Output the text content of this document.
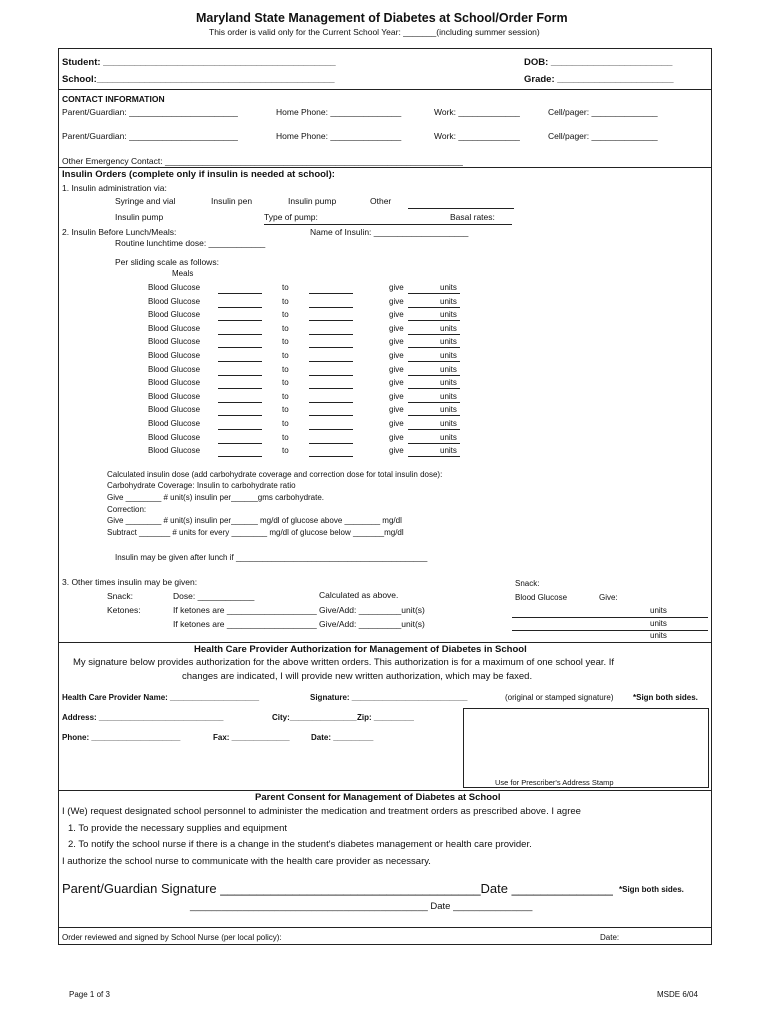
Maryland State Management of Diabetes at School/Order Form
This order is valid only for the Current School Year: _______(including summer session)
Student: ____________________________________________	DOB: _______________________
School:_____________________________________________	Grade: ______________________
CONTACT INFORMATION
Parent/Guardian: _______________________	Home Phone: _______________	Work: _____________	Cell/pager: ______________
Parent/Guardian: _______________________	Home Phone: _______________	Work: _____________	Cell/pager: ______________
Other Emergency Contact: _______________________________________________________________
Insulin Orders (complete only if insulin is needed at school):
1. Insulin administration via:
Syringe and vial	Insulin pen	Insulin pump	Other
Insulin pump	Type of pump:	Basal rates:
2. Insulin Before Lunch/Meals:	Name of Insulin: ____________________
Routine lunchtime dose: ____________
Per sliding scale as follows:
Meals
Blood Glucose	to	give	units
Blood Glucose	to	give	units
Blood Glucose	to	give	units
Blood Glucose	to	give	units
Blood Glucose	to	give	units
Blood Glucose	to	give	units
Blood Glucose	to	give	units
Blood Glucose	to	give	units
Blood Glucose	to	give	units
Blood Glucose	to	give	units
Blood Glucose	to	give	units
Blood Glucose	to	give	units
Blood Glucose	to	give	units
Calculated insulin dose (add carbohydrate coverage and correction dose for total insulin dose):
Carbohydrate Coverage: Insulin to carbohydrate ratio
Give ________ # unit(s) insulin per______gms carbohydrate.
Correction:
Give ________ # unit(s) insulin per______ mg/dl of glucose above ________ mg/dl
Subtract _______ # units for every ________ mg/dl of glucose below _______mg/dl
Insulin may be given after lunch if ___________________________________________
3. Other times insulin may be given:
Snack:	Dose: ____________	Calculated as above.
Ketones:	If ketones are ___________________ Give/Add: _________unit(s)
If ketones are ___________________ Give/Add: _________unit(s)
Snack:
Blood Glucose	Give:
units
units
units
Health Care Provider Authorization for Management of Diabetes in School
My signature below provides authorization for the above written orders. This authorization is for a maximum of one school year. If
changes are indicated, I will provide new written authorization, which may be faxed.
Health Care Provider Name: ____________________	Signature: __________________________	(original or stamped signature) *Sign both sides.
Address: ____________________________	City:_______________ Zip: _________
Phone: ____________________	Fax: _____________	Date: _________
Use for Prescriber's Address Stamp
Parent Consent for Management of Diabetes at School
I (We) request designated school personnel to administer the medication and treatment orders as prescribed above. I agree
1. To provide the necessary supplies and equipment
2. To notify the school nurse if there is a change in the student's diabetes management or health care provider.
I authorize the school nurse to communicate with the health care provider as necessary.
Parent/Guardian Signature ____________________________________Date ______________ *Sign both sides.
_____________________________________________ Date _______________
Order reviewed and signed by School Nurse (per local policy):	Date:
Page 1 of 3	MSDE 6/04
